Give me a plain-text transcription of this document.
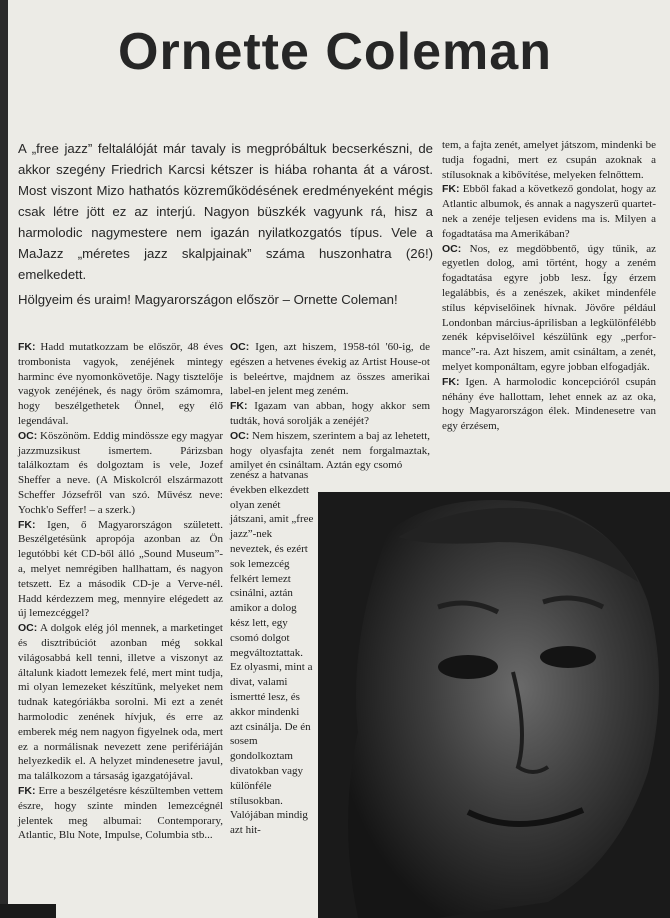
Ornette Coleman

A „free jazz” feltalálóját már tavaly is megpróbáltuk becserkészni, de akkor szegény Friedrich Karcsi kétszer is hiába rohanta át a várost. Most viszont Mizo hathatós közreműködésének eredményeként mégis csak létre jött ez az interjú. Nagyon büszkék vagyunk rá, hisz a harmolodic nagymestere nem igazán nyilatkozgatós típus. Vele a MaJazz „méretes jazz skalpjainak” száma huszonhatra (26!) emelkedett.

Hölgyeim és uraim! Magyarországon először – Ornette Coleman!

FK: Hadd mutatkozzam be először, 48 éves trombonista vagyok, zenéjének mintegy harminc éve nyomonkövetője. Nagy tisztelője vagyok zenéjének, és nagy öröm számomra, hogy beszélgethetek Önnel, egy élő legendával.

OC: Köszönöm. Eddig mindössze egy magyar jazzmuzsikust ismertem. Párizsban találkoztam és dolgoztam is vele, Jozef Sheffer a neve. (A Miskolcról elszármazott Scheffer Józsefről van szó. Művész neve: Yochk'o Seffer! – a szerk.)

FK: Igen, ő Magyarországon született. Beszélgetésünk apropója azonban az Ön legutóbbi két CD-ből álló „Sound Museum”-a, melyet nemrégiben hallhattam, és nagyon tetszett. Ez a második CD-je a Verve-nél. Hadd kérdezzem meg, mennyire elégedett az új lemezcéggel?

OC: A dolgok elég jól mennek, a marketinget és disztribúciót azonban még sokkal világosabbá kell tenni, illetve a viszonyt az általunk kiadott lemezek felé, mert mint tudja, mi olyan lemezeket készítünk, melyeket nem tudnak kategóriákba sorolni. Mi ezt a zenét harmolodic zenének hívjuk, és erre az emberek még nem nagyon figyelnek oda, mert ez a normálisnak nevezett zene perifériáján helyezkedik el. A helyzet mindenesetre javul, ma találkozom a társaság igazgatójával.

FK: Erre a beszélgetésre készültemben vettem észre, hogy szinte minden lemezcégnél jelentek meg albumai: Contemporary, Atlantic, Blu Note, Impulse, Columbia stb...

OC: Igen, azt hiszem, 1958-tól '60-ig, de egészen a hetvenes évekig az Artist House-ot is beleértve, majdnem az összes amerikai label-en jelent meg zeném.

FK: Igazam van abban, hogy akkor sem tudták, hová sorolják a zenéjét?

OC: Nem hiszem, szerintem a baj az lehetett, hogy olyasfajta zenét nem forgalmaztak, amilyet én csináltam. Aztán egy csomó

zenész a hatvanas években elkezdett olyan zenét játszani, amit „free jazz”-nek neveztek, és ezért sok lemezcég felkért lemezt csinálni, aztán amikor a dolog kész lett, egy csomó dolgot megváltoztattak. Ez olyasmi, mint a divat, valami ismertté lesz, és akkor mindenki azt csinálja. De én sosem gondolkoztam divatokban vagy különféle stílusokban. Valójában mindig azt hit-

tem, a fajta zenét, amelyet játszom, mindenki be tudja fogadni, mert ez csupán azoknak a stílusoknak a kibővítése, melyeken felnőttem.

FK: Ebből fakad a következő gondolat, hogy az Atlantic albumok, és annak a nagyszerű quartet-nek a zenéje teljesen evidens ma is. Milyen a fogadtatása ma Amerikában?

OC: Nos, ez megdöbbentő, úgy tűnik, az egyetlen dolog, ami történt, hogy a zeném fogadtatása egyre jobb lesz. Így érzem legalábbis, és a zenészek, akiket mindenféle stílus képviselőinek hívnak. Jövőre például Londonban március-áprilisban a legkülönfélébb zenék képviselőivel készülünk egy „performance”-ra. Azt hiszem, amit csináltam, a zenét, melyet komponáltam, egyre jobban elfogadják.

FK: Igen. A harmolodic koncepcióról csupán néhány éve hallottam, lehet ennek az az oka, hogy Magyarországon élek. Mindenesetre van egy érzésem,
